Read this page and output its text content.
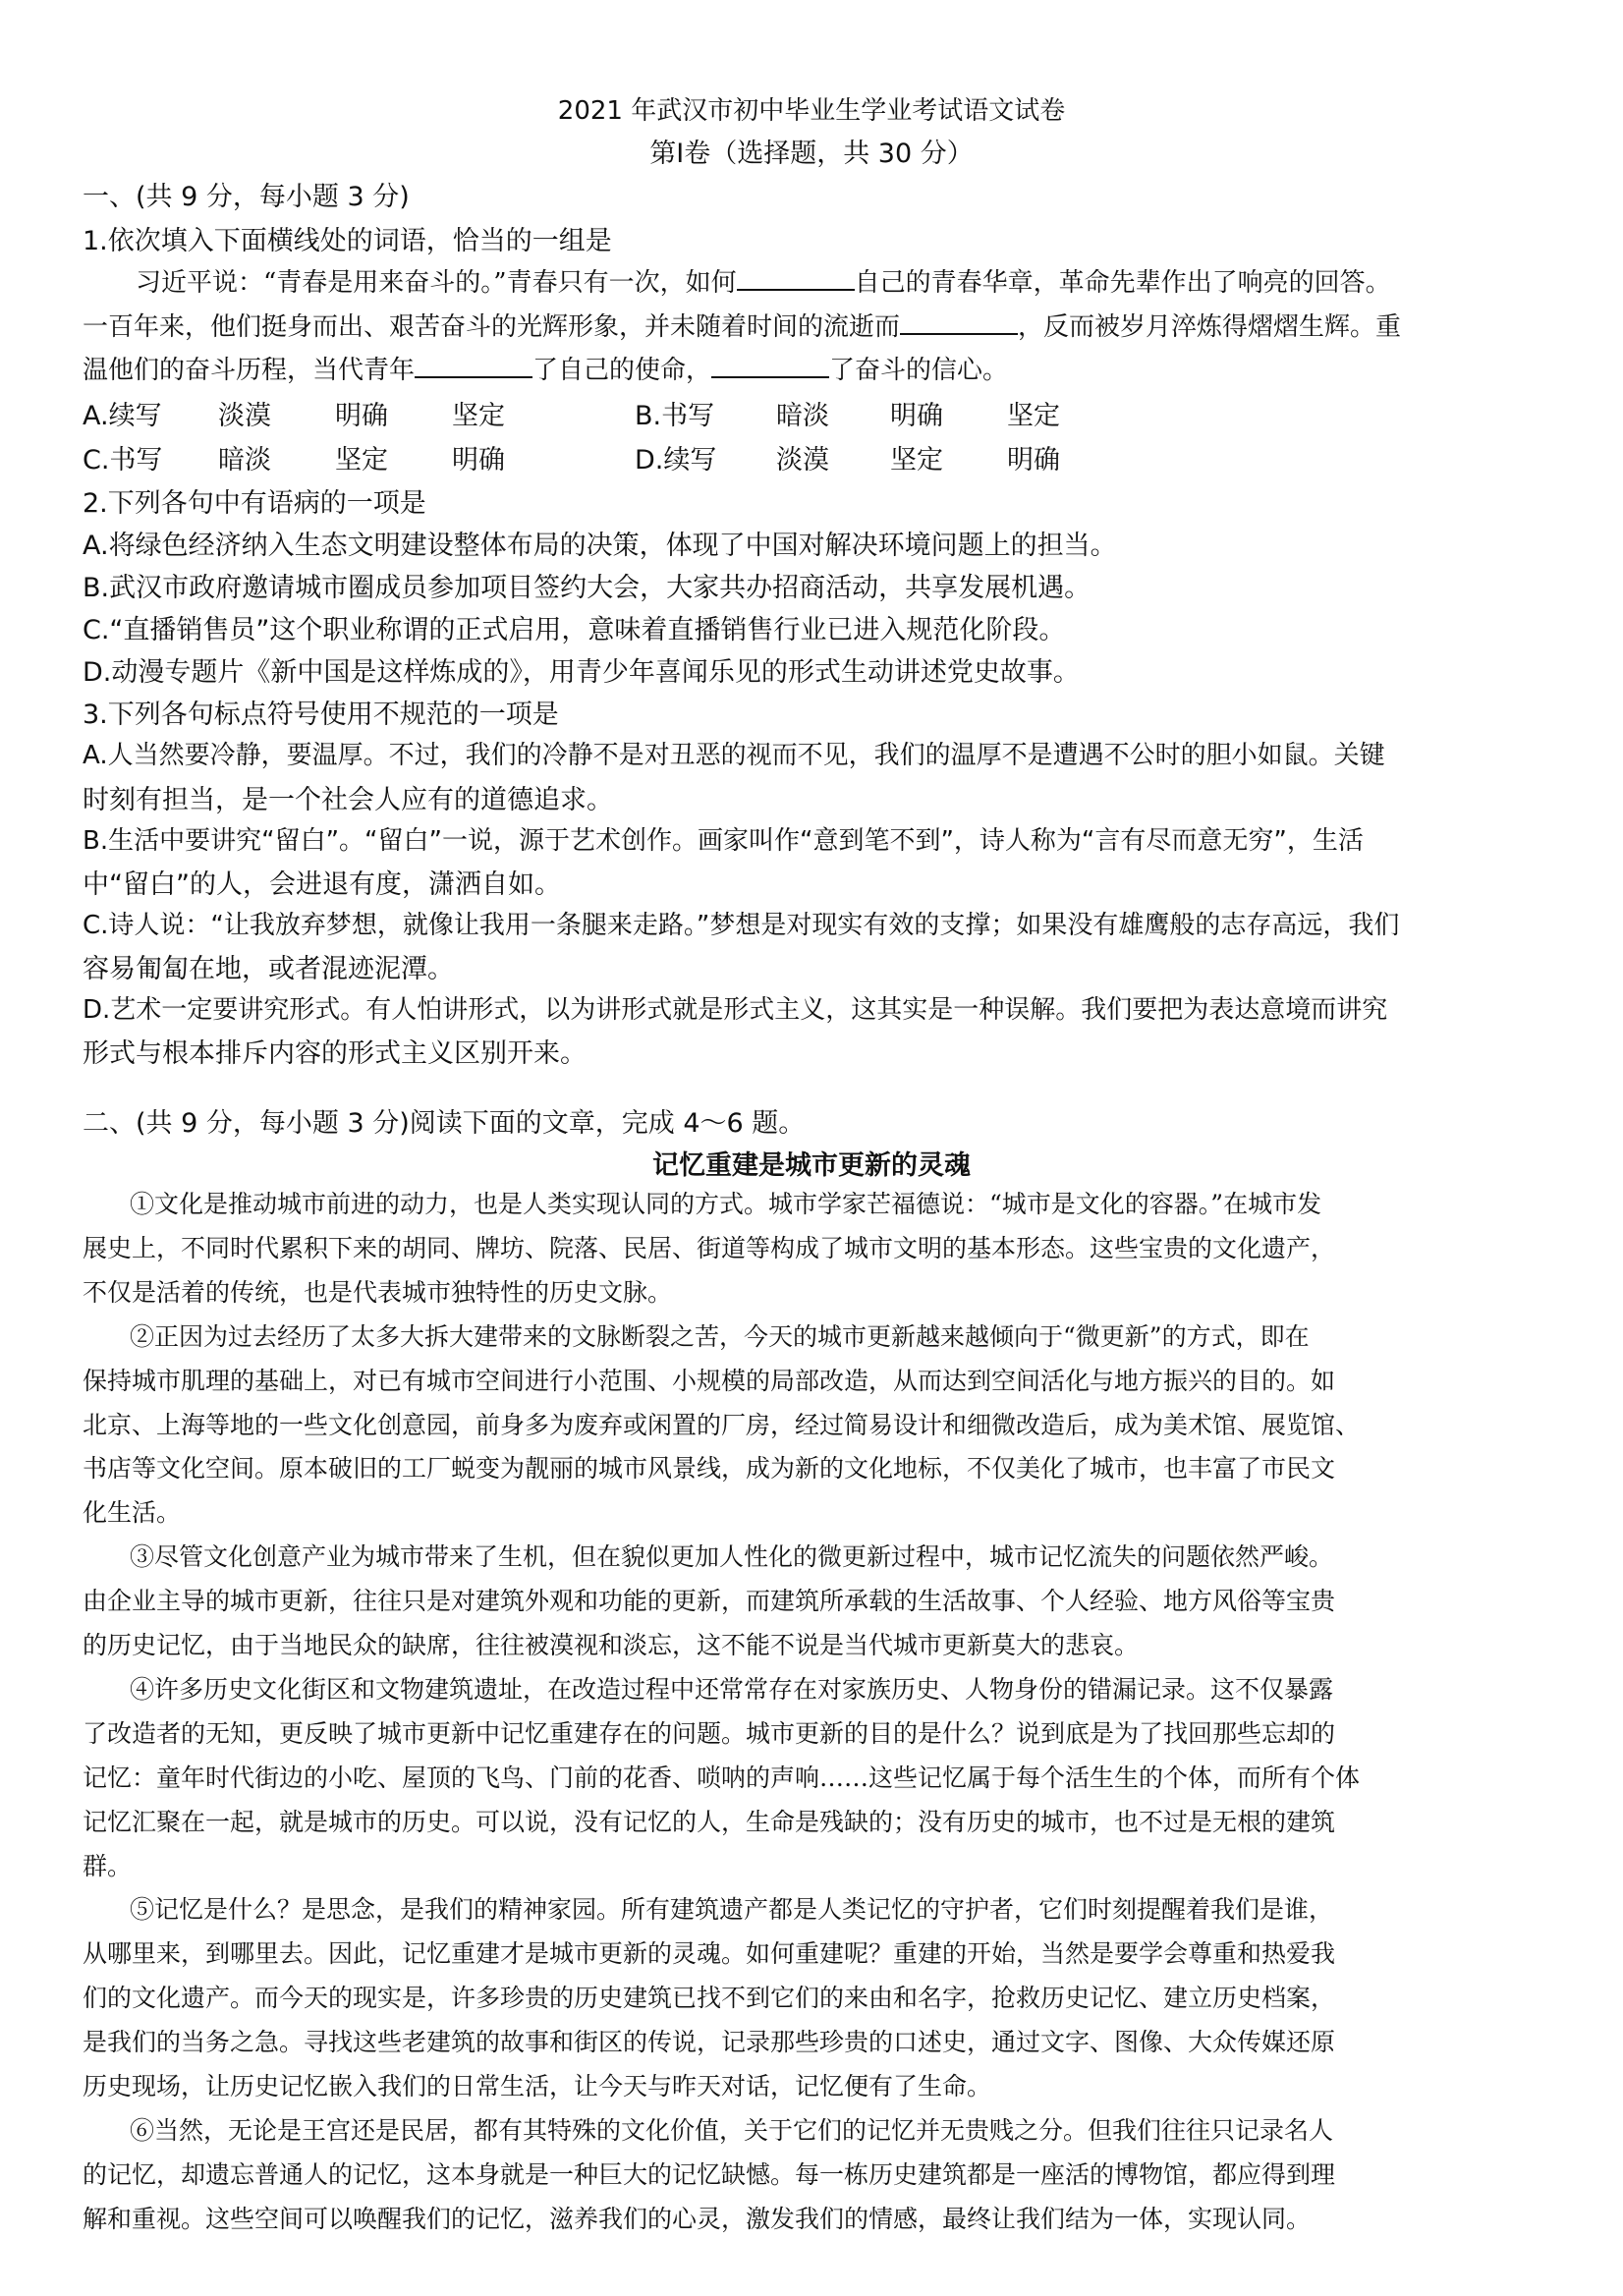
2021 年武汉市初中毕业生学业考试语文试卷
第Ⅰ卷（选择题，共 30 分）
一、(共 9 分，每小题 3 分)
1.依次填入下面横线处的词语，恰当的一组是
习近平说：“青春是用来奋斗的。”青春只有一次，如何	自己的青春华章，革命先辈作出了响亮的回答。
一百年来，他们挺身而出、艰苦奋斗的光辉形象，并未随着时间的流逝而	，反而被岁月淬炼得熠熠生辉。重
温他们的奋斗历程，当代青年	了自己的使命，	了奋斗的信心。
A.续写 淡漠 明确 坚定	B.书写 暗淡 明确 坚定
C.书写 暗淡 坚定 明确	D.续写 淡漠 坚定 明确
2.下列各句中有语病的一项是
A.将绿色经济纳入生态文明建设整体布局的决策，体现了中国对解决环境问题上的担当。
B.武汉市政府邀请城市圈成员参加项目签约大会，大家共办招商活动，共享发展机遇。
C.“直播销售员”这个职业称谓的正式启用，意味着直播销售行业已进入规范化阶段。
D.动漫专题片《新中国是这样炼成的》，用青少年喜闻乐见的形式生动讲述党史故事。
3.下列各句标点符号使用不规范的一项是
A.人当然要冷静，要温厚。不过，我们的冷静不是对丑恶的视而不见，我们的温厚不是遭遇不公时的胆小如鼠。关键
时刻有担当，是一个社会人应有的道德追求。
B.生活中要讲究“留白”。“留白”一说，源于艺术创作。画家叫作“意到笔不到”，诗人称为“言有尽而意无穷”，生活
中“留白”的人，会进退有度，潇洒自如。
C.诗人说：“让我放弃梦想，就像让我用一条腿来走路。”梦想是对现实有效的支撑；如果没有雄鹰般的志存高远，我们
容易匍匐在地，或者混迹泥潭。
D.艺术一定要讲究形式。有人怕讲形式，以为讲形式就是形式主义，这其实是一种误解。我们要把为表达意境而讲究
形式与根本排斥内容的形式主义区别开来。
二、(共 9 分，每小题 3 分)阅读下面的文章，完成 4～6 题。
记忆重建是城市更新的灵魂
①文化是推动城市前进的动力，也是人类实现认同的方式。城市学家芒福德说：“城市是文化的容器。”在城市发
展史上，不同时代累积下来的胡同、牌坊、院落、民居、街道等构成了城市文明的基本形态。这些宝贵的文化遗产，
不仅是活着的传统，也是代表城市独特性的历史文脉。
②正因为过去经历了太多大拆大建带来的文脉断裂之苦，今天的城市更新越来越倾向于“微更新”的方式，即在
保持城市肌理的基础上，对已有城市空间进行小范围、小规模的局部改造，从而达到空间活化与地方振兴的目的。如
北京、上海等地的一些文化创意园，前身多为废弃或闲置的厂房，经过简易设计和细微改造后，成为美术馆、展览馆、
书店等文化空间。原本破旧的工厂蜕变为靓丽的城市风景线，成为新的文化地标，不仅美化了城市，也丰富了市民文
化生活。
③尽管文化创意产业为城市带来了生机，但在貌似更加人性化的微更新过程中，城市记忆流失的问题依然严峻。
由企业主导的城市更新，往往只是对建筑外观和功能的更新，而建筑所承载的生活故事、个人经验、地方风俗等宝贵
的历史记忆，由于当地民众的缺席，往往被漠视和淡忘，这不能不说是当代城市更新莫大的悲哀。
④许多历史文化街区和文物建筑遗址，在改造过程中还常常存在对家族历史、人物身份的错漏记录。这不仅暴露
了改造者的无知，更反映了城市更新中记忆重建存在的问题。城市更新的目的是什么？说到底是为了找回那些忘却的
记忆：童年时代街边的小吃、屋顶的飞鸟、门前的花香、唢呐的声响……这些记忆属于每个活生生的个体，而所有个体
记忆汇聚在一起，就是城市的历史。可以说，没有记忆的人，生命是残缺的；没有历史的城市，也不过是无根的建筑
群。
⑤记忆是什么？是思念，是我们的精神家园。所有建筑遗产都是人类记忆的守护者，它们时刻提醒着我们是谁，
从哪里来，到哪里去。因此，记忆重建才是城市更新的灵魂。如何重建呢？重建的开始，当然是要学会尊重和热爱我
们的文化遗产。而今天的现实是，许多珍贵的历史建筑已找不到它们的来由和名字，抢救历史记忆、建立历史档案，
是我们的当务之急。寻找这些老建筑的故事和街区的传说，记录那些珍贵的口述史，通过文字、图像、大众传媒还原
历史现场，让历史记忆嵌入我们的日常生活，让今天与昨天对话，记忆便有了生命。
⑥当然，无论是王宫还是民居，都有其特殊的文化价值，关于它们的记忆并无贵贱之分。但我们往往只记录名人
的记忆，却遗忘普通人的记忆，这本身就是一种巨大的记忆缺憾。每一栋历史建筑都是一座活的博物馆，都应得到理
解和重视。这些空间可以唤醒我们的记忆，滋养我们的心灵，激发我们的情感，最终让我们结为一体，实现认同。
